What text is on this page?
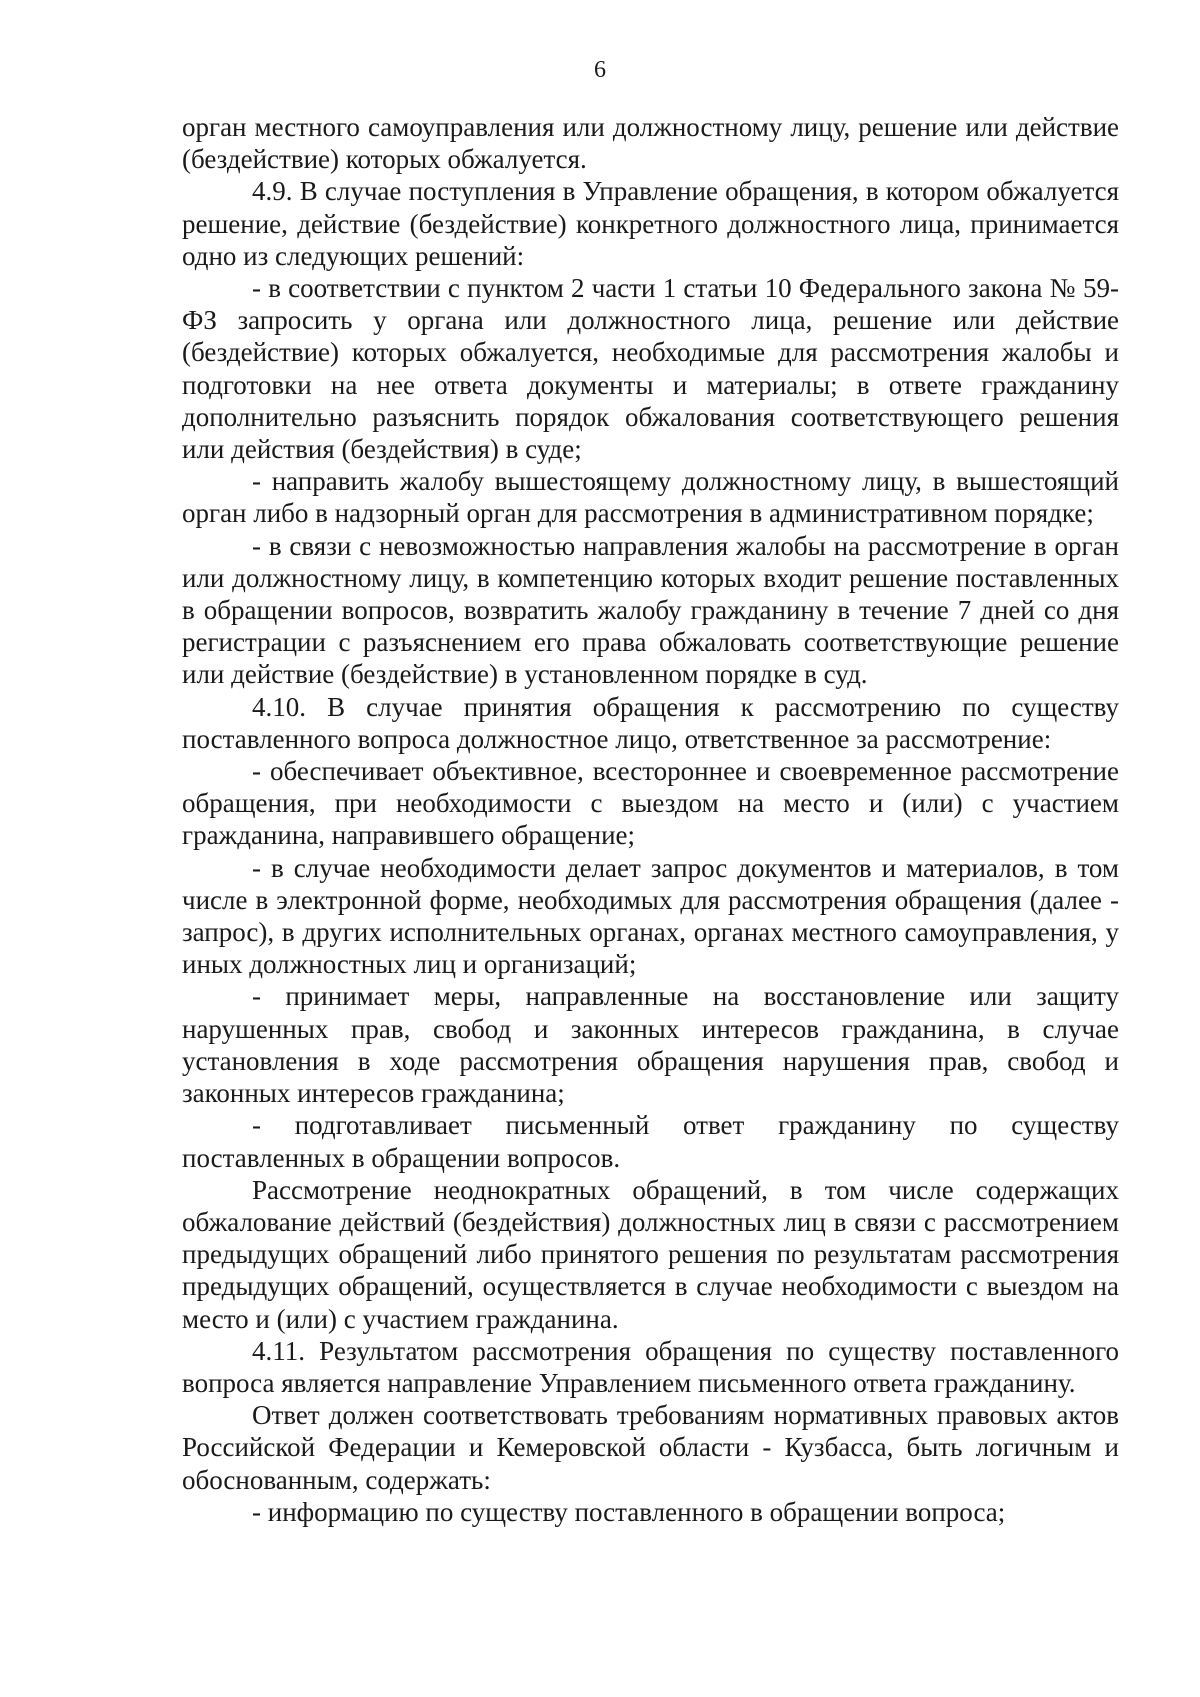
6

орган местного самоуправления или должностному лицу, решение или действие (бездействие) которых обжалуется.

4.9. В случае поступления в Управление обращения, в котором обжалуется решение, действие (бездействие) конкретного должностного лица, принимается одно из следующих решений:

- в соответствии с пунктом 2 части 1 статьи 10 Федерального закона № 59-ФЗ запросить у органа или должностного лица, решение или действие (бездействие) которых обжалуется, необходимые для рассмотрения жалобы и подготовки на нее ответа документы и материалы; в ответе гражданину дополнительно разъяснить порядок обжалования соответствующего решения или действия (бездействия) в суде;

- направить жалобу вышестоящему должностному лицу, в вышестоящий орган либо в надзорный орган для рассмотрения в административном порядке;

- в связи с невозможностью направления жалобы на рассмотрение в орган или должностному лицу, в компетенцию которых входит решение поставленных в обращении вопросов, возвратить жалобу гражданину в течение 7 дней со дня регистрации с разъяснением его права обжаловать соответствующие решение или действие (бездействие) в установленном порядке в суд.

4.10. В случае принятия обращения к рассмотрению по существу поставленного вопроса должностное лицо, ответственное за рассмотрение:

- обеспечивает объективное, всестороннее и своевременное рассмотрение обращения, при необходимости с выездом на место и (или) с участием гражданина, направившего обращение;

- в случае необходимости делает запрос документов и материалов, в том числе в электронной форме, необходимых для рассмотрения обращения (далее - запрос), в других исполнительных органах, органах местного самоуправления, у иных должностных лиц и организаций;

- принимает меры, направленные на восстановление или защиту нарушенных прав, свобод и законных интересов гражданина, в случае установления в ходе рассмотрения обращения нарушения прав, свобод и законных интересов гражданина;

- подготавливает письменный ответ гражданину по существу поставленных в обращении вопросов.

Рассмотрение неоднократных обращений, в том числе содержащих обжалование действий (бездействия) должностных лиц в связи с рассмотрением предыдущих обращений либо принятого решения по результатам рассмотрения предыдущих обращений, осуществляется в случае необходимости с выездом на место и (или) с участием гражданина.

4.11. Результатом рассмотрения обращения по существу поставленного вопроса является направление Управлением письменного ответа гражданину.

Ответ должен соответствовать требованиям нормативных правовых актов Российской Федерации и Кемеровской области - Кузбасса, быть логичным и обоснованным, содержать:

- информацию по существу поставленного в обращении вопроса;
